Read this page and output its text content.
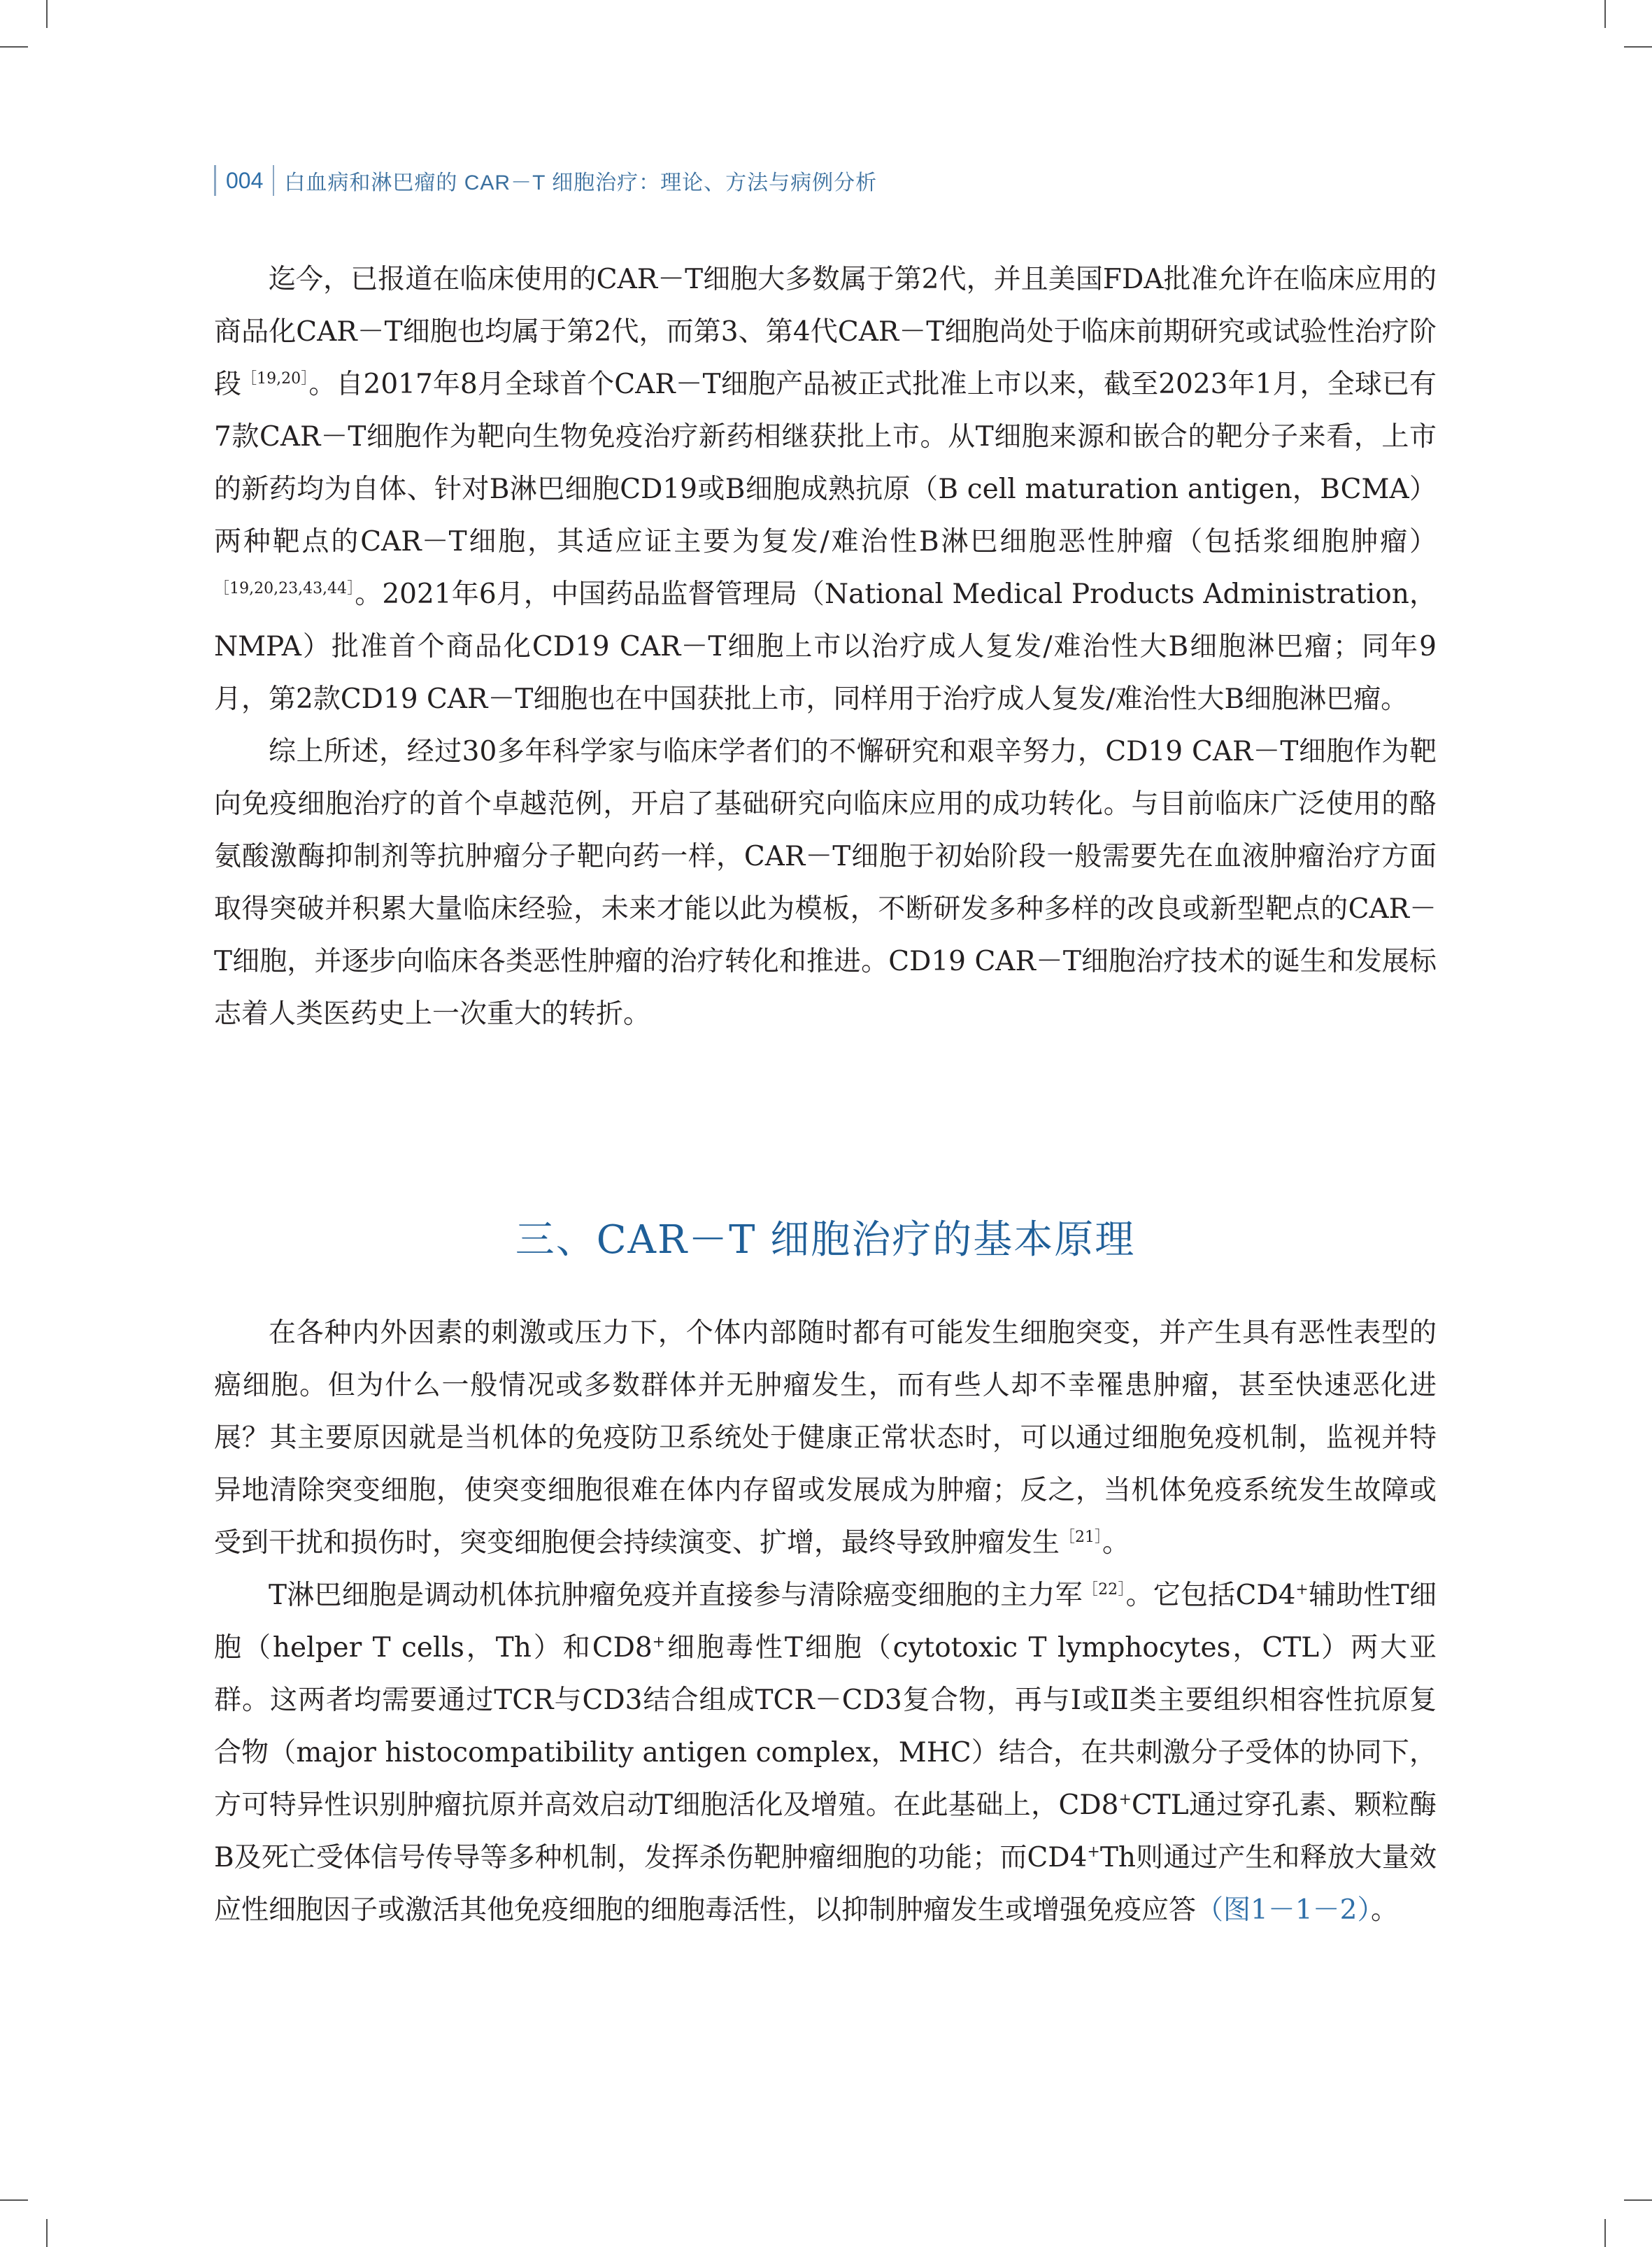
004 白血病和淋巴瘤的 CAR－T 细胞治疗：理论、方法与病例分析

迄今，已报道在临床使用的CAR－T细胞大多数属于第2代，并且美国FDA批准允许在临床应用的商品化CAR－T细胞也均属于第2代，而第3、第4代CAR－T细胞尚处于临床前期研究或试验性治疗阶段$^{[19,20]}$。自2017年8月全球首个CAR－T细胞产品被正式批准上市以来，截至2023年1月，全球已有7款CAR－T细胞作为靶向生物免疫治疗新药相继获批上市。从T细胞来源和嵌合的靶分子来看，上市的新药均为自体、针对B淋巴细胞CD19或B细胞成熟抗原（B cell maturation antigen，BCMA）两种靶点的CAR－T细胞，其适应证主要为复发/难治性B淋巴细胞恶性肿瘤（包括浆细胞肿瘤）$^{[19,20,23,43,44]}$。2021年6月，中国药品监督管理局（National Medical Products Administration，NMPA）批准首个商品化CD19 CAR－T细胞上市以治疗成人复发/难治性大B细胞淋巴瘤；同年9月，第2款CD19 CAR－T细胞也在中国获批上市，同样用于治疗成人复发/难治性大B细胞淋巴瘤。

综上所述，经过30多年科学家与临床学者们的不懈研究和艰辛努力，CD19 CAR－T细胞作为靶向免疫细胞治疗的首个卓越范例，开启了基础研究向临床应用的成功转化。与目前临床广泛使用的酪氨酸激酶抑制剂等抗肿瘤分子靶向药一样，CAR－T细胞于初始阶段一般需要先在血液肿瘤治疗方面取得突破并积累大量临床经验，未来才能以此为模板，不断研发多种多样的改良或新型靶点的CAR－T细胞，并逐步向临床各类恶性肿瘤的治疗转化和推进。CD19 CAR－T细胞治疗技术的诞生和发展标志着人类医药史上一次重大的转折。

三、CAR－T 细胞治疗的基本原理

在各种内外因素的刺激或压力下，个体内部随时都有可能发生细胞突变，并产生具有恶性表型的癌细胞。但为什么一般情况或多数群体并无肿瘤发生，而有些人却不幸罹患肿瘤，甚至快速恶化进展？其主要原因就是当机体的免疫防卫系统处于健康正常状态时，可以通过细胞免疫机制，监视并特异地清除突变细胞，使突变细胞很难在体内存留或发展成为肿瘤；反之，当机体免疫系统发生故障或受到干扰和损伤时，突变细胞便会持续演变、扩增，最终导致肿瘤发生$^{[21]}$。

T淋巴细胞是调动机体抗肿瘤免疫并直接参与清除癌变细胞的主力军$^{[22]}$。它包括CD4+辅助性T细胞（helper T cells，Th）和CD8+细胞毒性T细胞（cytotoxic T lymphocytes，CTL）两大亚群。这两者均需要通过TCR与CD3结合组成TCR－CD3复合物，再与Ⅰ或Ⅱ类主要组织相容性抗原复合物（major histocompatibility antigen complex，MHC）结合，在共刺激分子受体的协同下，方可特异性识别肿瘤抗原并高效启动T细胞活化及增殖。在此基础上，CD8+CTL通过穿孔素、颗粒酶B及死亡受体信号传导等多种机制，发挥杀伤靶肿瘤细胞的功能；而CD4+Th则通过产生和释放大量效应性细胞因子或激活其他免疫细胞的细胞毒活性，以抑制肿瘤发生或增强免疫应答（图1－1－2）。
